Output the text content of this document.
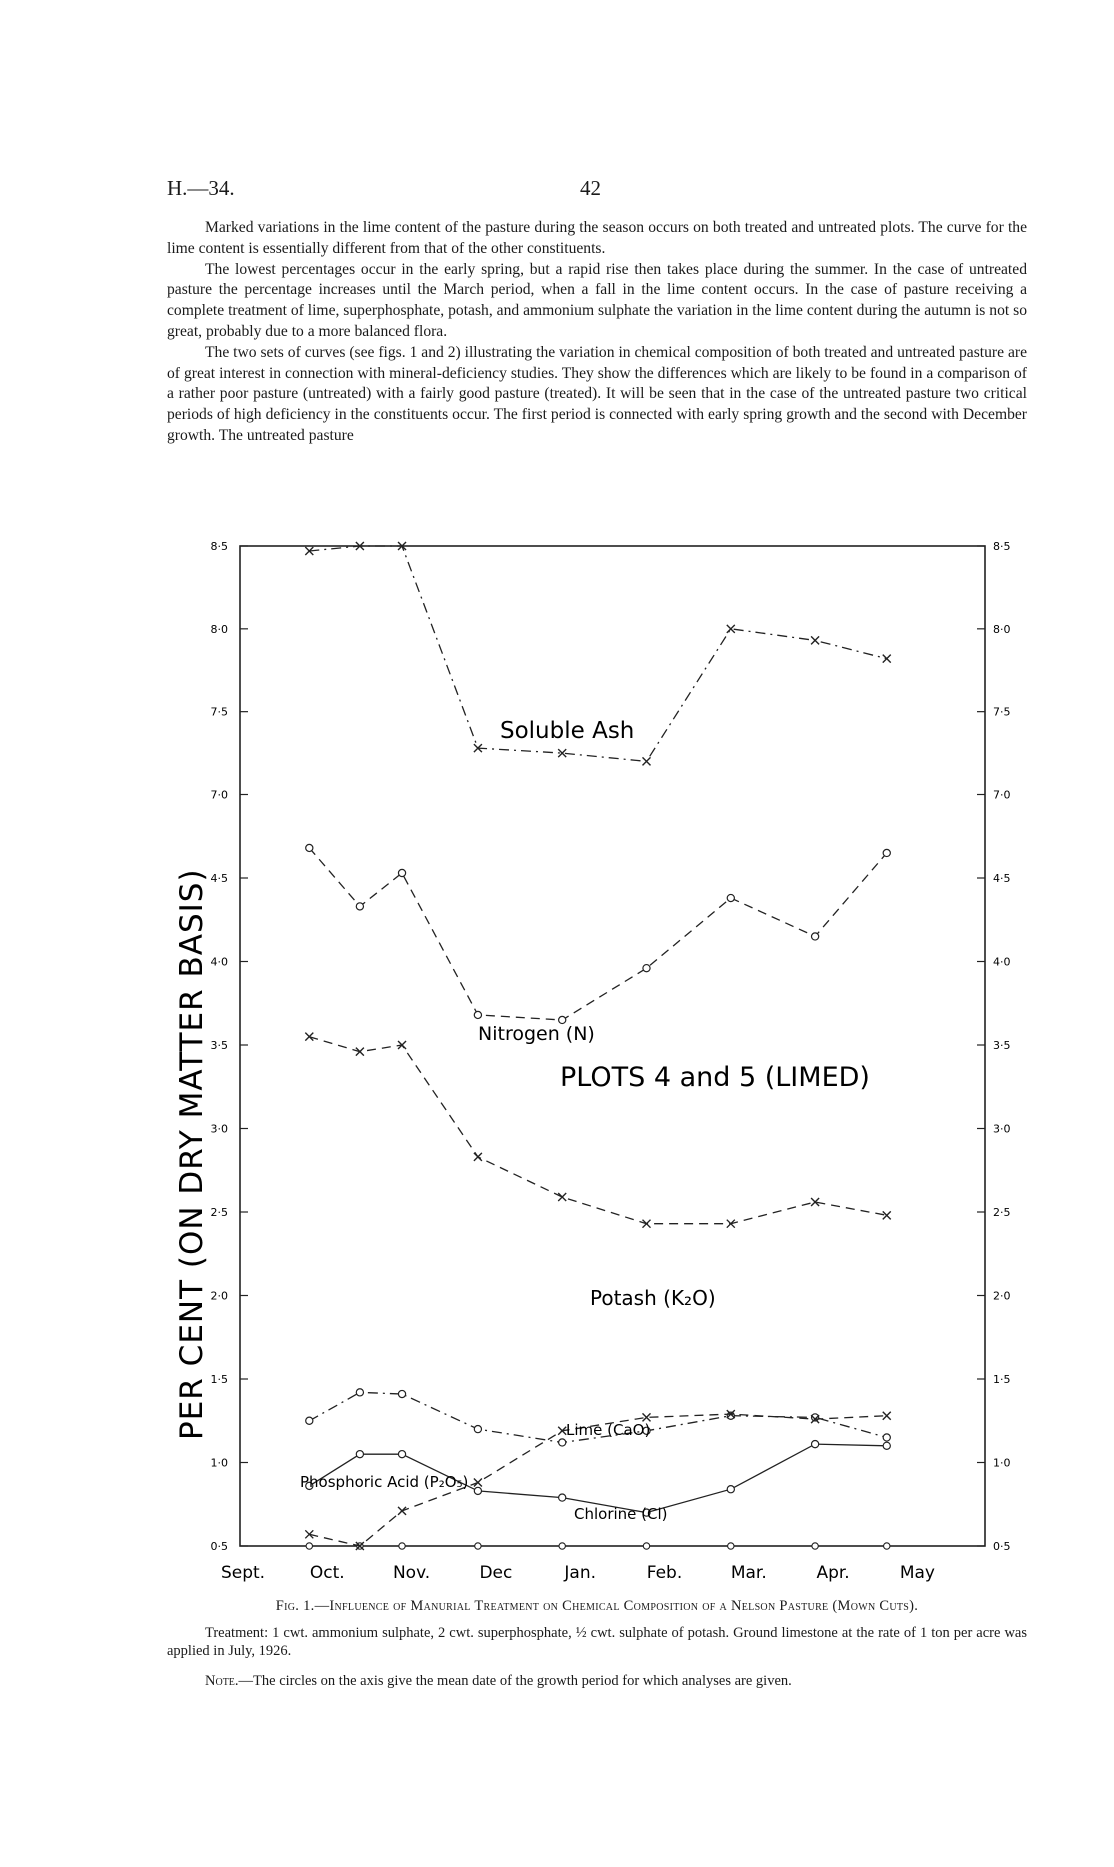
H.—34.	42

Marked variations in the lime content of the pasture during the season occurs on both treated and untreated plots. The curve for the lime content is essentially different from that of the other constituents.

The lowest percentages occur in the early spring, but a rapid rise then takes place during the summer. In the case of untreated pasture the percentage increases until the March period, when a fall in the lime content occurs. In the case of pasture receiving a complete treatment of lime, superphosphate, potash, and ammonium sulphate the variation in the lime content during the autumn is not so great, probably due to a more balanced flora.

The two sets of curves (see figs. 1 and 2) illustrating the variation in chemical composition of both treated and untreated pasture are of great interest in connection with mineral-deficiency studies. They show the differences which are likely to be found in a comparison of a rather poor pasture (untreated) with a fairly good pasture (treated). It will be seen that in the case of the untreated pasture two critical periods of high deficiency in the constituents occur. The first period is connected with early spring growth and the second with December growth. The untreated pasture

0·5	0·5
1·0	1·0
1·5	1·5
2·0	2·0
2·5	2·5
3·0	3·0
3·5	3·5
4·0	4·0
4·5	4·5
7·0	7·0
7·5	7·5
8·0	8·0
8·5	8·5
Sept.	Oct.	Nov.	Dec	Jan.	Feb.	Mar.	Apr.	May
PER CENT (ON DRY MATTER BASIS)
Soluble Ash
Nitrogen (N)
Potash (K₂O)
Phosphoric Acid (P₂O₅)
Lime (CaO)
Chlorine (Cl)
PLOTS 4 and 5 (LIMED)
Fig. 1.—Influence of Manurial Treatment on Chemical Composition of a Nelson Pasture (Mown Cuts).
Treatment: 1 cwt. ammonium sulphate, 2 cwt. superphosphate, ½ cwt. sulphate of potash. Ground limestone at the rate of 1 ton per acre was applied in July, 1926.
Note.—The circles on the axis give the mean date of the growth period for which analyses are given.
